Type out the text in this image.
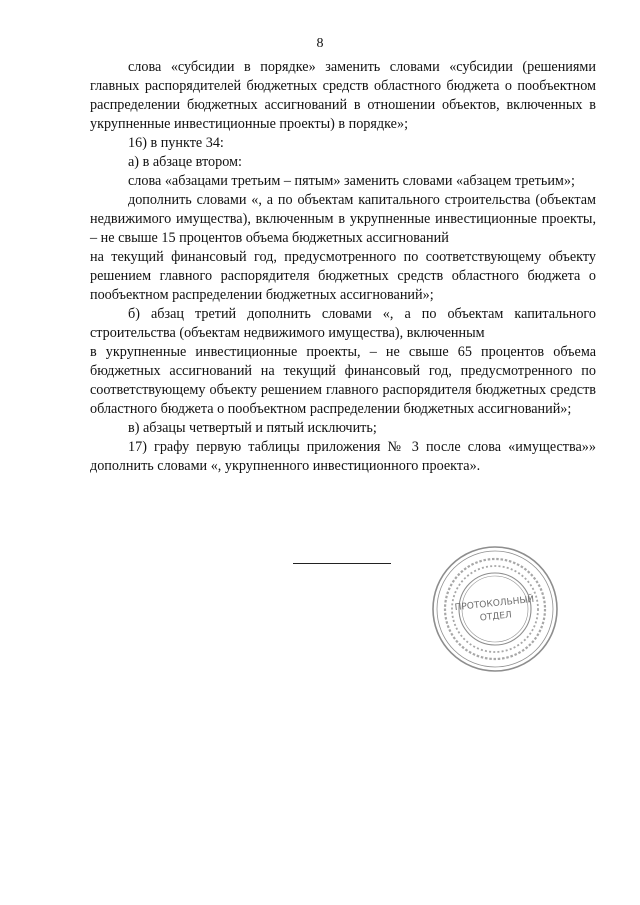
8

слова «субсидии в порядке» заменить словами «субсидии (решениями главных распорядителей бюджетных средств областного бюджета о пообъектном распределении бюджетных ассигнований в отношении объектов, включенных в укрупненные инвестиционные проекты) в порядке»;

16) в пункте 34:

а) в абзаце втором:

слова «абзацами третьим – пятым» заменить словами «абзацем третьим»;

дополнить словами «, а по объектам капитального строительства (объектам недвижимого имущества), включенным в укрупненные инвестиционные проекты, – не свыше 15 процентов объема бюджетных ассигнований

на текущий финансовый год, предусмотренного по соответствующему объекту решением главного распорядителя бюджетных средств областного бюджета о пообъектном распределении бюджетных ассигнований»;

б) абзац третий дополнить словами «, а по объектам капитального строительства (объектам недвижимого имущества), включенным

в укрупненные инвестиционные проекты, – не свыше 65 процентов объема бюджетных ассигнований на текущий финансовый год, предусмотренного по соответствующему объекту решением главного распорядителя бюджетных средств областного бюджета о пообъектном распределении бюджетных ассигнований»;

в) абзацы четвертый и пятый исключить;

17) графу первую таблицы приложения № 3 после слова «имущества»» дополнить словами «, укрупненного инвестиционного проекта».

ПРОТОКОЛЬНЫЙ
ОТДЕЛ
